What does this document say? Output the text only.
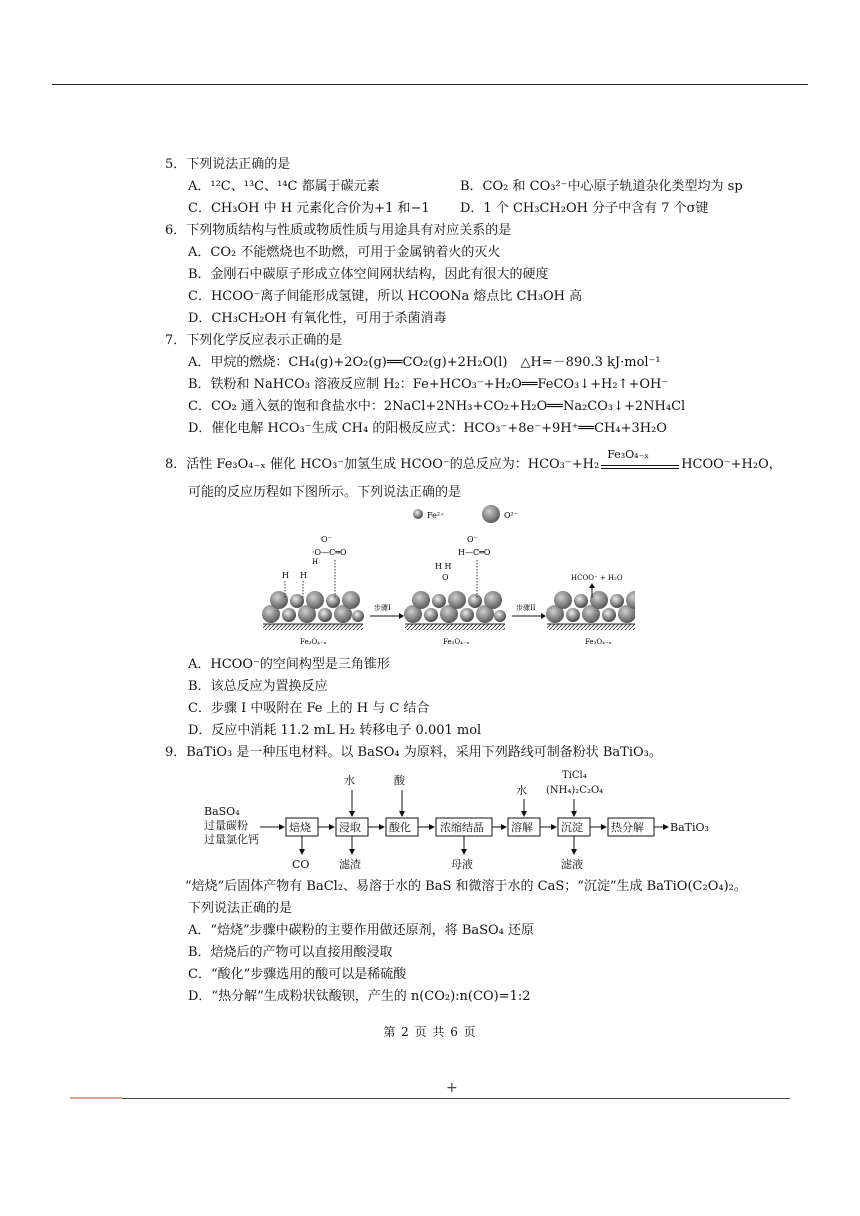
5．下列说法正确的是
A．¹²C、¹³C、¹⁴C 都属于碳元素	B．CO₂ 和 CO₃²⁻中心原子轨道杂化类型均为 sp
C．CH₃OH 中 H 元素化合价为+1 和−1 D．1 个 CH₃CH₂OH 分子中含有 7 个σ键
6．下列物质结构与性质或物质性质与用途具有对应关系的是
A．CO₂ 不能燃烧也不助燃，可用于金属钠着火的灭火
B．金刚石中碳原子形成立体空间网状结构，因此有很大的硬度
C．HCOO⁻离子间能形成氢键，所以 HCOONa 熔点比 CH₃OH 高
D．CH₃CH₂OH 有氧化性，可用于杀菌消毒
7．下列化学反应表示正确的是
A．甲烷的燃烧：CH₄(g)+2O₂(g)══CO₂(g)+2H₂O(l)　△H=－890.3 kJ·mol⁻¹
B．铁粉和 NaHCO₃ 溶液反应制 H₂：Fe+HCO₃⁻+H₂O══FeCO₃↓+H₂↑+OH⁻
C．CO₂ 通入氨的饱和食盐水中：2NaCl+2NH₃+CO₂+H₂O══Na₂CO₃↓+2NH₄Cl
D．催化电解 HCO₃⁻生成 CH₄ 的阳极反应式：HCO₃⁻+8e⁻+9H⁺══CH₄+3H₂O
8．活性 Fe₃O₄₋ₓ 催化 HCO₃⁻加氢生成 HCOO⁻的总反应为：HCO₃⁻+H₂
Fe₃O₄₋ₓ
HCOO⁻+H₂O，
可能的反应历程如下图所示。下列说法正确的是
Fe²⁺	O²⁻
H H
O⁻
·O—C═O
H
Fe₃O₄₋ₓ
步骤I
O⁻
H—C═O
H H
O
Fe₃O₄₋ₓ
步骤II
HCOO⁻ + H₂O
Fe₃O₄₋ₓ
A．HCOO⁻的空间构型是三角锥形
B．该总反应为置换反应
C．步骤 I 中吸附在 Fe 上的 H 与 C 结合
D．反应中消耗 11.2 mL H₂ 转移电子 0.001 mol
9．BaTiO₃ 是一种压电材料。以 BaSO₄ 为原料，采用下列路线可制备粉状 BaTiO₃。
BaSO₄
过量碳粉
过量氯化钙
焙烧	浸取	酸化	浓缩结晶 溶解	沉淀	热分解 BaTiO₃
水	酸
水
TiCl₄
(NH₄)₂C₂O₄
CO	滤渣	母液	滤液
“焙烧”后固体产物有 BaCl₂、易溶于水的 BaS 和微溶于水的 CaS；“沉淀”生成 BaTiO(C₂O₄)₂。
下列说法正确的是
A．“焙烧”步骤中碳粉的主要作用做还原剂，将 BaSO₄ 还原
B．焙烧后的产物可以直接用酸浸取
C．“酸化”步骤选用的酸可以是稀硫酸
D．“热分解”生成粉状钛酸钡，产生的 n(CO₂):n(CO)=1:2
第 2 页 共 6 页
+
